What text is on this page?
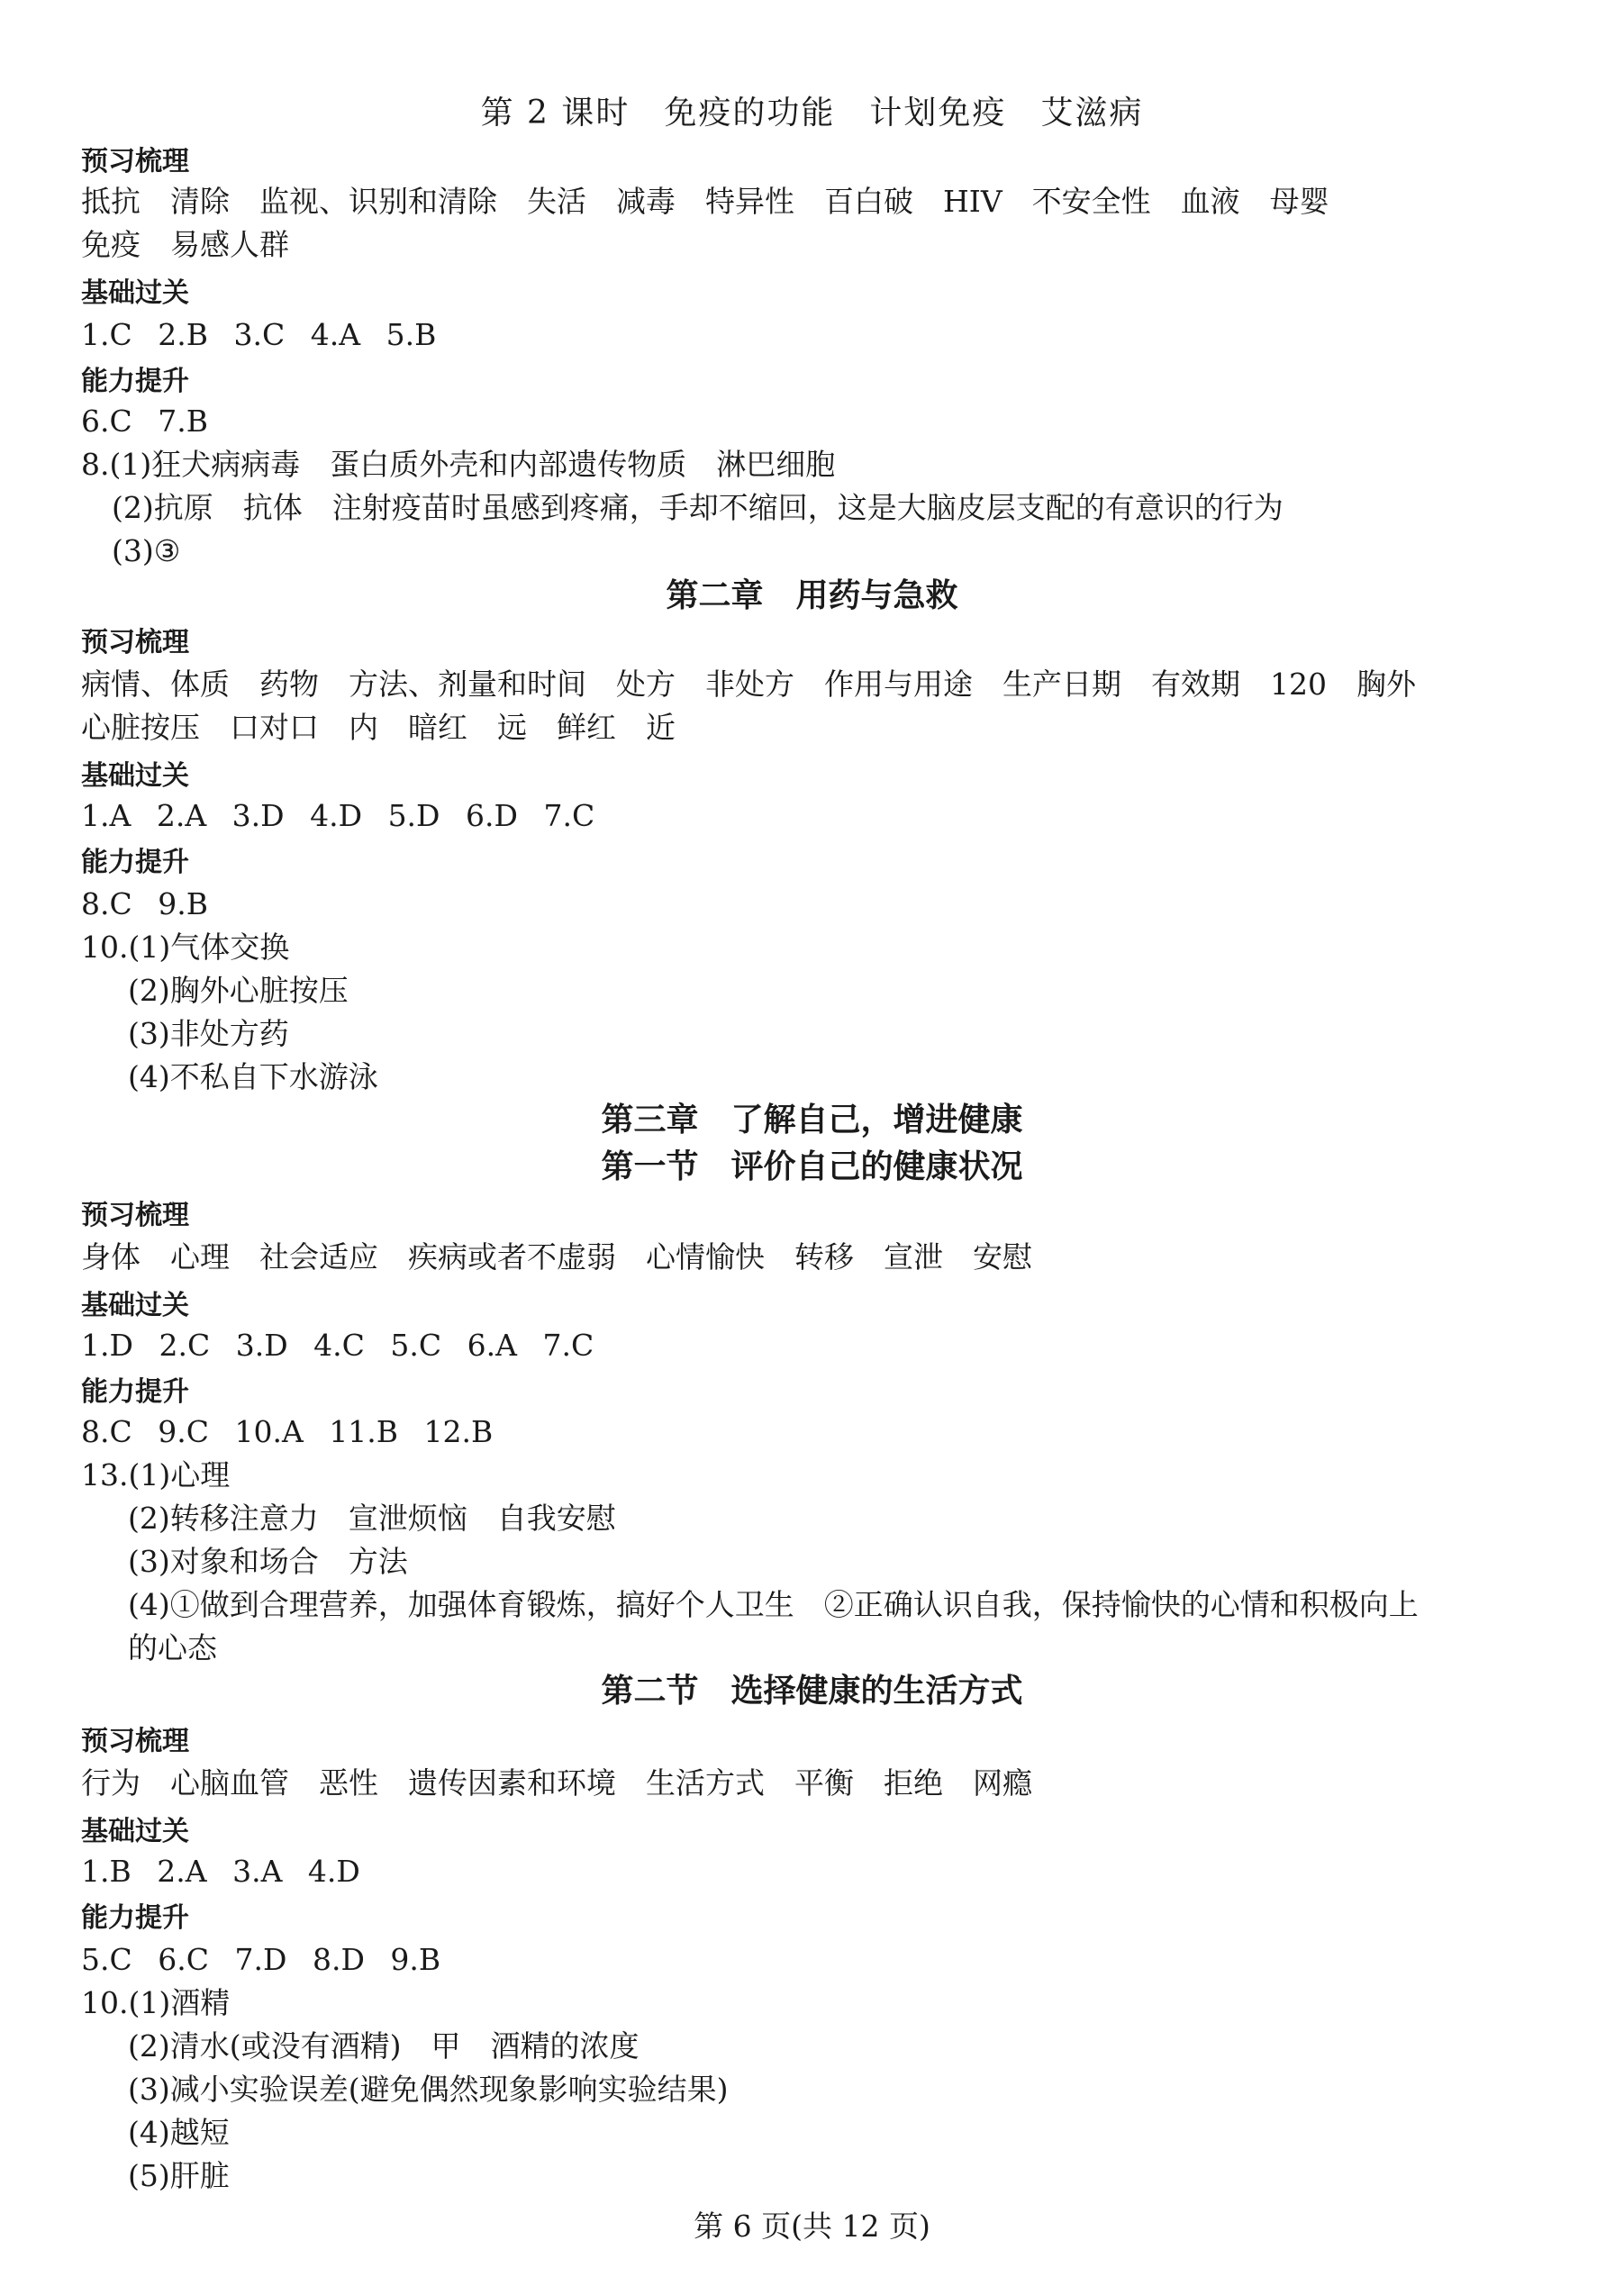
第 2 课时　免疫的功能　计划免疫　艾滋病
预习梳理
抵抗　清除　监视、识别和清除　失活　减毒　特异性　百白破　HIV　不安全性　血液　母婴
免疫　易感人群
基础过关
1.C 2.B 3.C 4.A 5.B
能力提升
6.C 7.B
8.(1)狂犬病病毒　蛋白质外壳和内部遗传物质　淋巴细胞
(2)抗原　抗体　注射疫苗时虽感到疼痛，手却不缩回，这是大脑皮层支配的有意识的行为
(3)③
第二章　用药与急救
预习梳理
病情、体质　药物　方法、剂量和时间　处方　非处方　作用与用途　生产日期　有效期　120　胸外
心脏按压　口对口　内　暗红　远　鲜红　近
基础过关
1.A 2.A 3.D 4.D 5.D 6.D 7.C
能力提升
8.C 9.B
10.(1)气体交换
(2)胸外心脏按压
(3)非处方药
(4)不私自下水游泳
第三章　了解自己，增进健康
第一节　评价自己的健康状况
预习梳理
身体　心理　社会适应　疾病或者不虚弱　心情愉快　转移　宣泄　安慰
基础过关
1.D 2.C 3.D 4.C 5.C 6.A 7.C
能力提升
8.C 9.C 10.A 11.B 12.B
13.(1)心理
(2)转移注意力　宣泄烦恼　自我安慰
(3)对象和场合　方法
(4)①做到合理营养，加强体育锻炼，搞好个人卫生　②正确认识自我，保持愉快的心情和积极向上
的心态
第二节　选择健康的生活方式
预习梳理
行为　心脑血管　恶性　遗传因素和环境　生活方式　平衡　拒绝　网瘾
基础过关
1.B 2.A 3.A 4.D
能力提升
5.C 6.C 7.D 8.D 9.B
10.(1)酒精
(2)清水(或没有酒精)　甲　酒精的浓度
(3)减小实验误差(避免偶然现象影响实验结果)
(4)越短
(5)肝脏
第 6 页(共 12 页)
